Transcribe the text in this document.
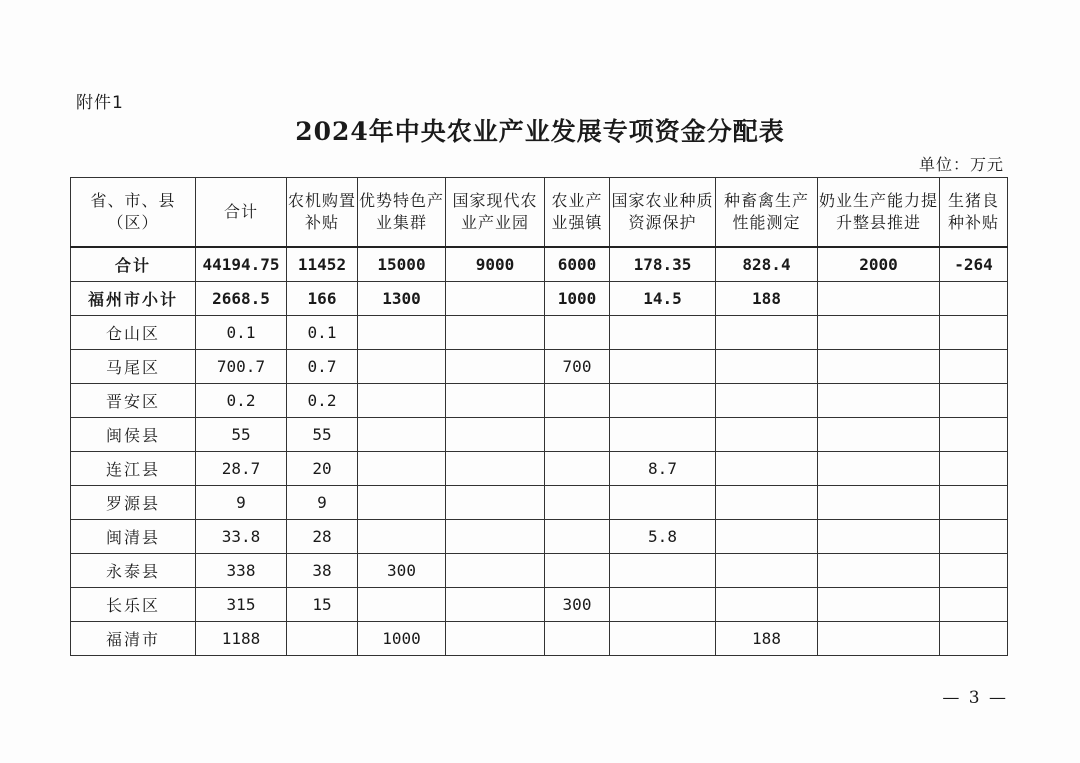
附件1
2024年中央农业产业发展专项资金分配表
单位：万元
省、市、县（区）	合计	农机购置补贴	优势特色产业集群	国家现代农业产业园	农业产业强镇	国家农业种质资源保护	种畜禽生产性能测定	奶业生产能力提升整县推进	生猪良种补贴
合计	44194.75	11452	15000	9000	6000	178.35	828.4	2000	-264
福州市小计	2668.5	166	1300		1000	14.5	188		
仓山区	0.1	0.1							
马尾区	700.7	0.7			700				
晋安区	0.2	0.2							
闽侯县	55	55							
连江县	28.7	20				8.7			
罗源县	9	9							
闽清县	33.8	28				5.8			
永泰县	338	38	300						
长乐区	315	15			300				
福清市	1188		1000				188		
— 3 —
